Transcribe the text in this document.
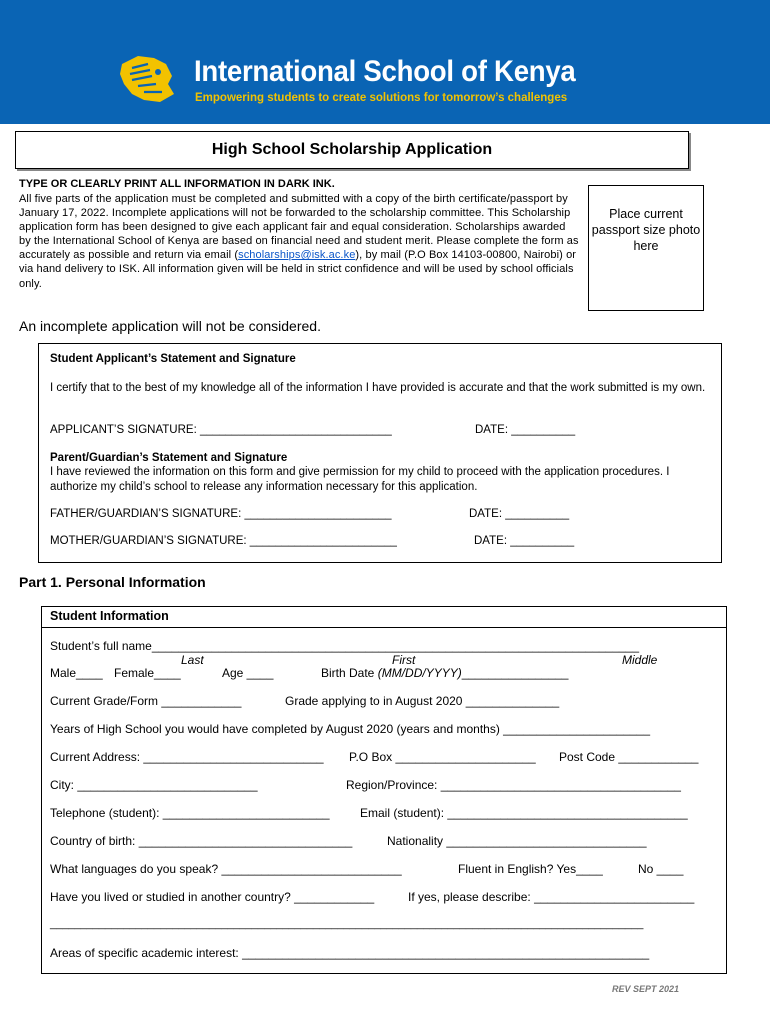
International School of Kenya
Empowering students to create solutions for tomorrow’s challenges
High School Scholarship Application
TYPE OR CLEARLY PRINT ALL INFORMATION IN DARK INK.
All five parts of the application must be completed and submitted with a copy of the birth certificate/passport by January 17, 2022. Incomplete applications will not be forwarded to the scholarship committee. This Scholarship application form has been designed to give each applicant fair and equal consideration. Scholarships awarded by the International School of Kenya are based on financial need and student merit. Please complete the form as accurately as possible and return via email (scholarships@isk.ac.ke), by mail (P.O Box 14103-00800, Nairobi) or via hand delivery to ISK. All information given will be held in strict confidence and will be used by school officials only.
Place current passport size photo here
An incomplete application will not be considered.
Student Applicant’s Statement and Signature
I certify that to the best of my knowledge all of the information I have provided is accurate and that the work submitted is my own.
APPLICANT’S SIGNATURE: ______________________________	DATE: __________
Parent/Guardian’s Statement and Signature
I have reviewed the information on this form and give permission for my child to proceed with the application procedures. I authorize my child’s school to release any information necessary for this application.
FATHER/GUARDIAN’S SIGNATURE: _______________________	DATE: __________
MOTHER/GUARDIAN’S SIGNATURE: _______________________	DATE: __________
Part 1. Personal Information
Student Information
Student’s full name_________________________________________________________________________
Last	First	Middle
Male____ Female____	Age ____	Birth Date (MM/DD/YYYY)________________
Current Grade/Form ____________	Grade applying to in August 2020 ______________
Years of High School you would have completed by August 2020 (years and months) ______________________
Current Address: ___________________________ P.O Box _____________________ Post Code ____________
City: ___________________________	Region/Province: ____________________________________
Telephone (student): _________________________	Email (student): ____________________________________
Country of birth: ________________________________	Nationality ______________________________
What languages do you speak? ___________________________	Fluent in English? Yes____	No ____
Have you lived or studied in another country? ____________	If yes, please describe: ________________________
_________________________________________________________________________________________________
Areas of specific academic interest: _____________________________________________________________
REV SEPT 2021
